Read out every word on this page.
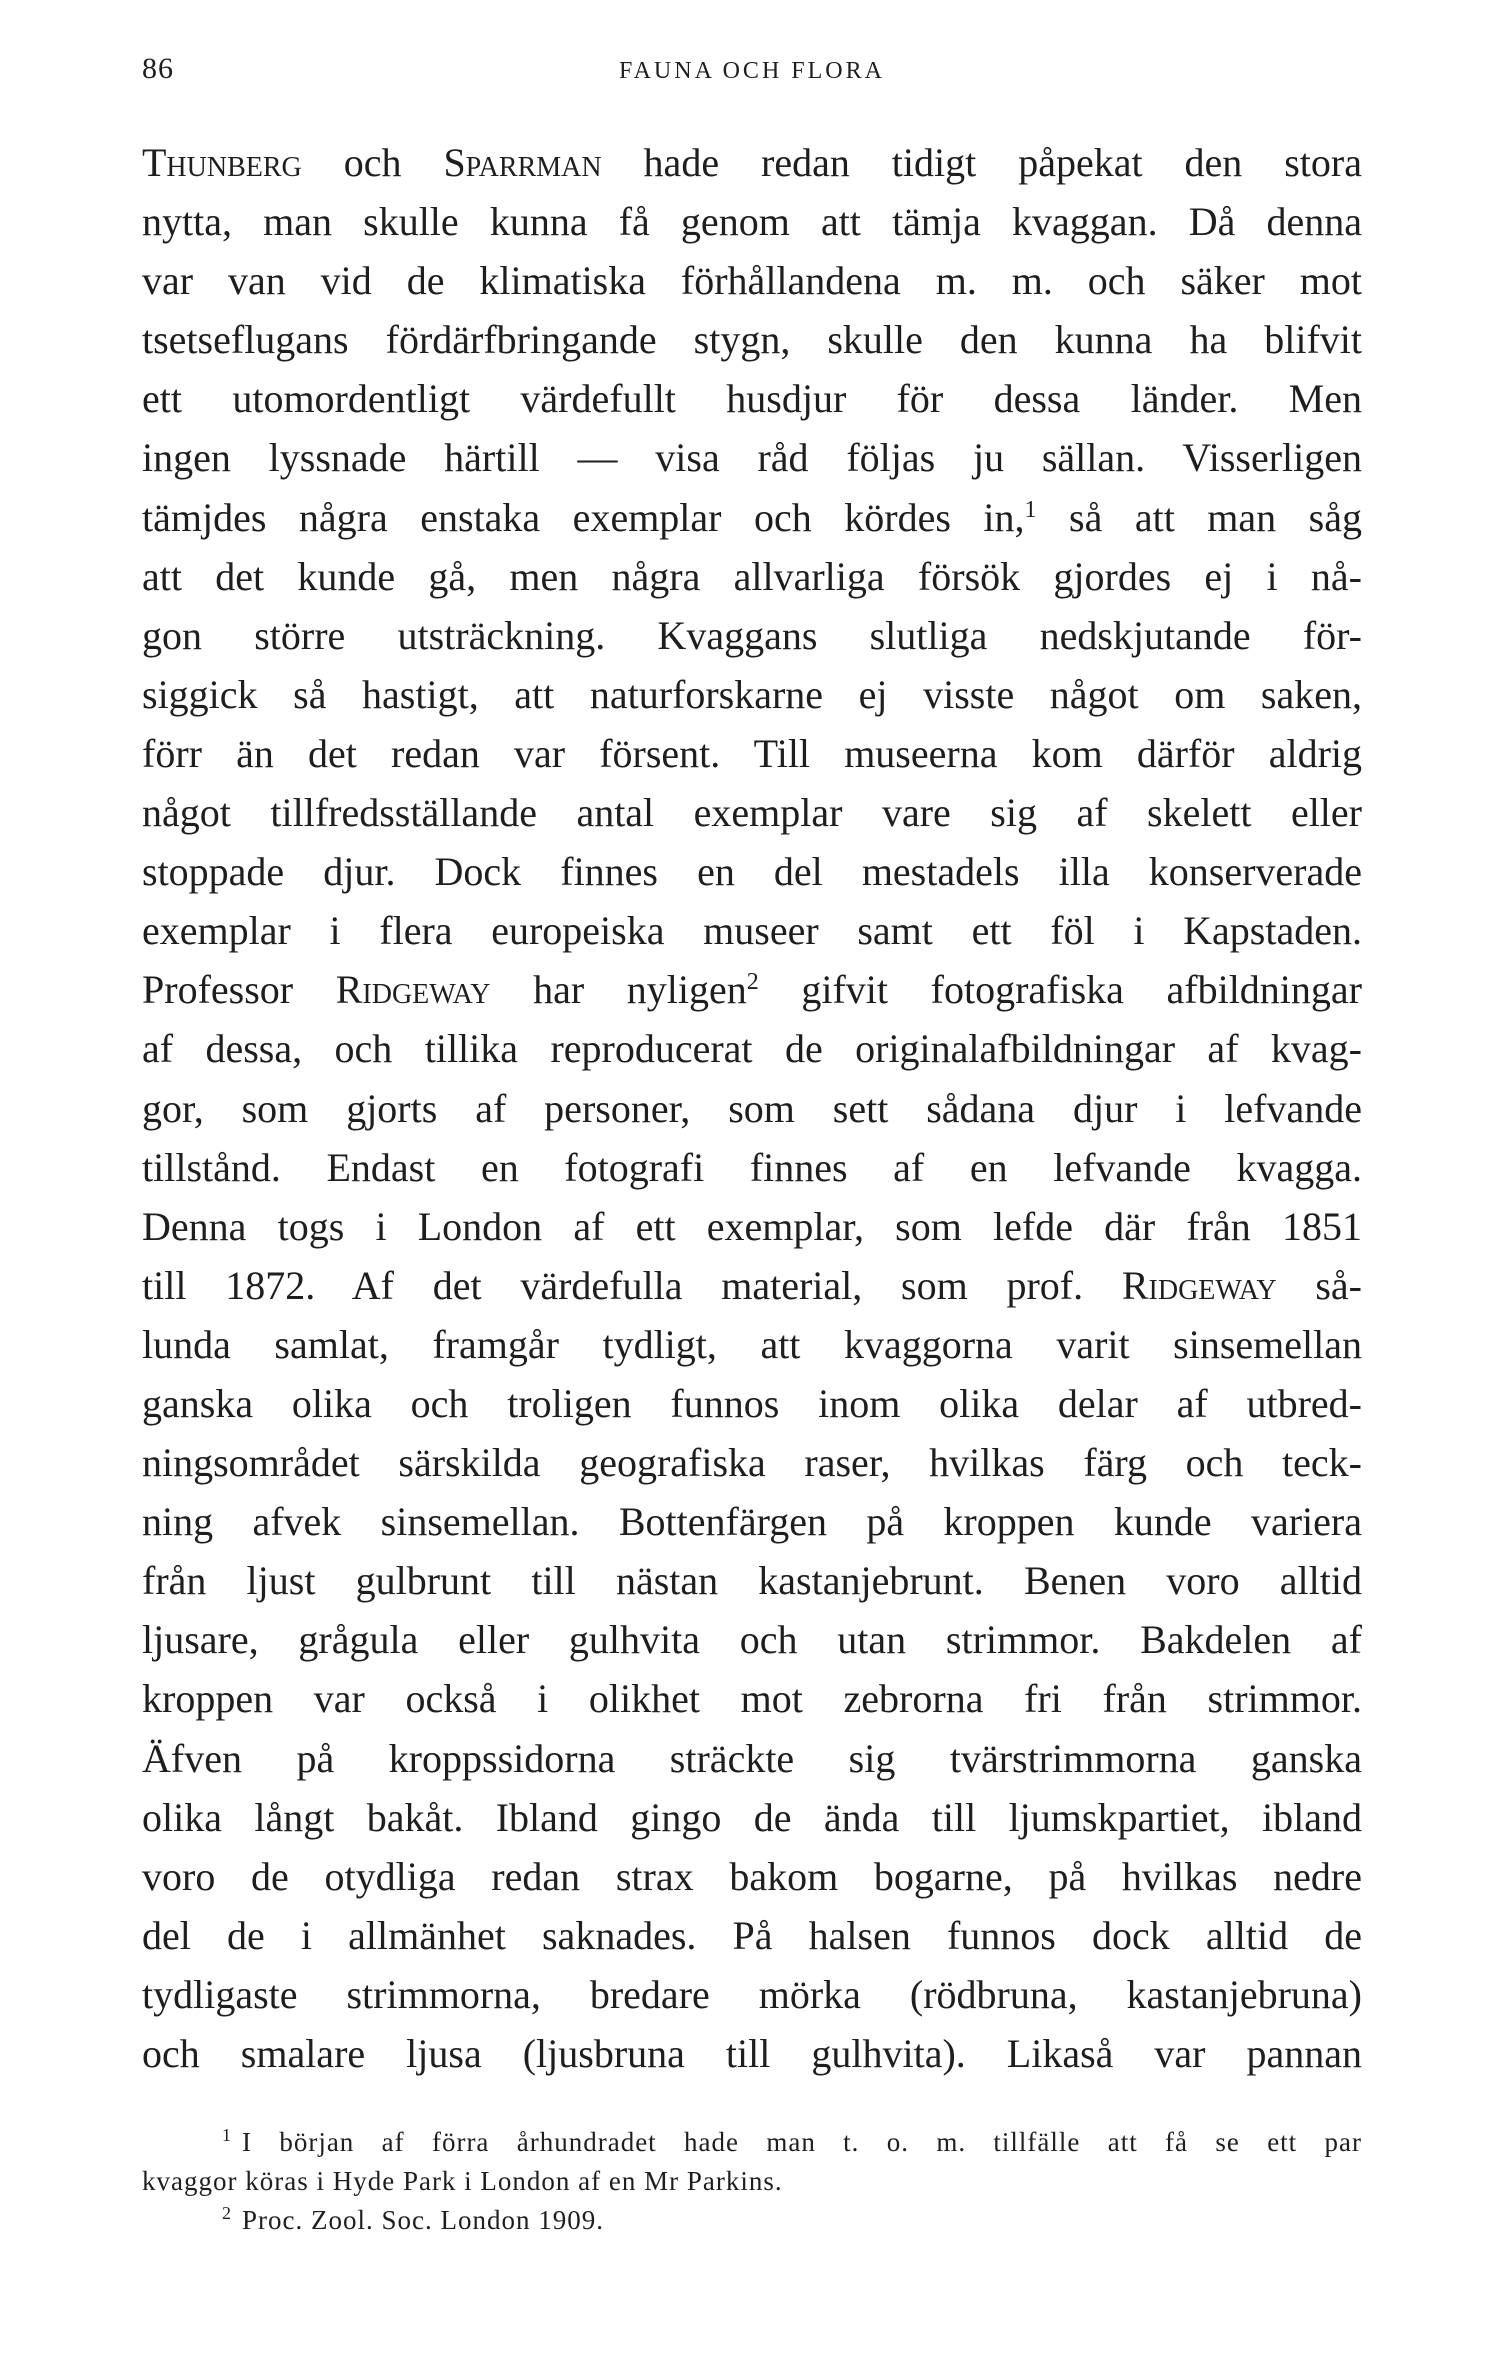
86	FAUNA OCH FLORA
Thunberg och Sparrman hade redan tidigt påpekat den stora
nytta, man skulle kunna få genom att tämja kvaggan. Då denna
var van vid de klimatiska förhållandena m. m. och säker mot
tsetseflugans fördärfbringande stygn, skulle den kunna ha blifvit
ett utomordentligt värdefullt husdjur för dessa länder. Men
ingen lyssnade härtill — visa råd följas ju sällan. Visserligen
tämjdes några enstaka exemplar och kördes in,$^1$ så att man såg
att det kunde gå, men några allvarliga försök gjordes ej i nå-
gon större utsträckning. Kvaggans slutliga nedskjutande för-
siggick så hastigt, att naturforskarne ej visste något om saken,
förr än det redan var försent. Till museerna kom därför aldrig
något tillfredsställande antal exemplar vare sig af skelett eller
stoppade djur. Dock finnes en del mestadels illa konserverade
exemplar i flera europeiska museer samt ett föl i Kapstaden.
Professor Ridgeway har nyligen$^2$ gifvit fotografiska afbildningar
af dessa, och tillika reproducerat de originalafbildningar af kvag-
gor, som gjorts af personer, som sett sådana djur i lefvande
tillstånd. Endast en fotografi finnes af en lefvande kvagga.
Denna togs i London af ett exemplar, som lefde där från 1851
till 1872. Af det värdefulla material, som prof. Ridgeway så-
lunda samlat, framgår tydligt, att kvaggorna varit sinsemellan
ganska olika och troligen funnos inom olika delar af utbred-
ningsområdet särskilda geografiska raser, hvilkas färg och teck-
ning afvek sinsemellan. Bottenfärgen på kroppen kunde variera
från ljust gulbrunt till nästan kastanjebrunt. Benen voro alltid
ljusare, grågula eller gulhvita och utan strimmor. Bakdelen af
kroppen var också i olikhet mot zebrorna fri från strimmor.
Äfven på kroppssidorna sträckte sig tvärstrimmorna ganska
olika långt bakåt. Ibland gingo de ända till ljumskpartiet, ibland
voro de otydliga redan strax bakom bogarne, på hvilkas nedre
del de i allmänhet saknades. På halsen funnos dock alltid de
tydligaste strimmorna, bredare mörka (rödbruna, kastanjebruna)
och smalare ljusa (ljusbruna till gulhvita). Likaså var pannan
$^1$ I början af förra århundradet hade man t. o. m. tillfälle att få se ett par
kvaggor köras i Hyde Park i London af en Mr Parkins.
$^2$ Proc. Zool. Soc. London 1909.
